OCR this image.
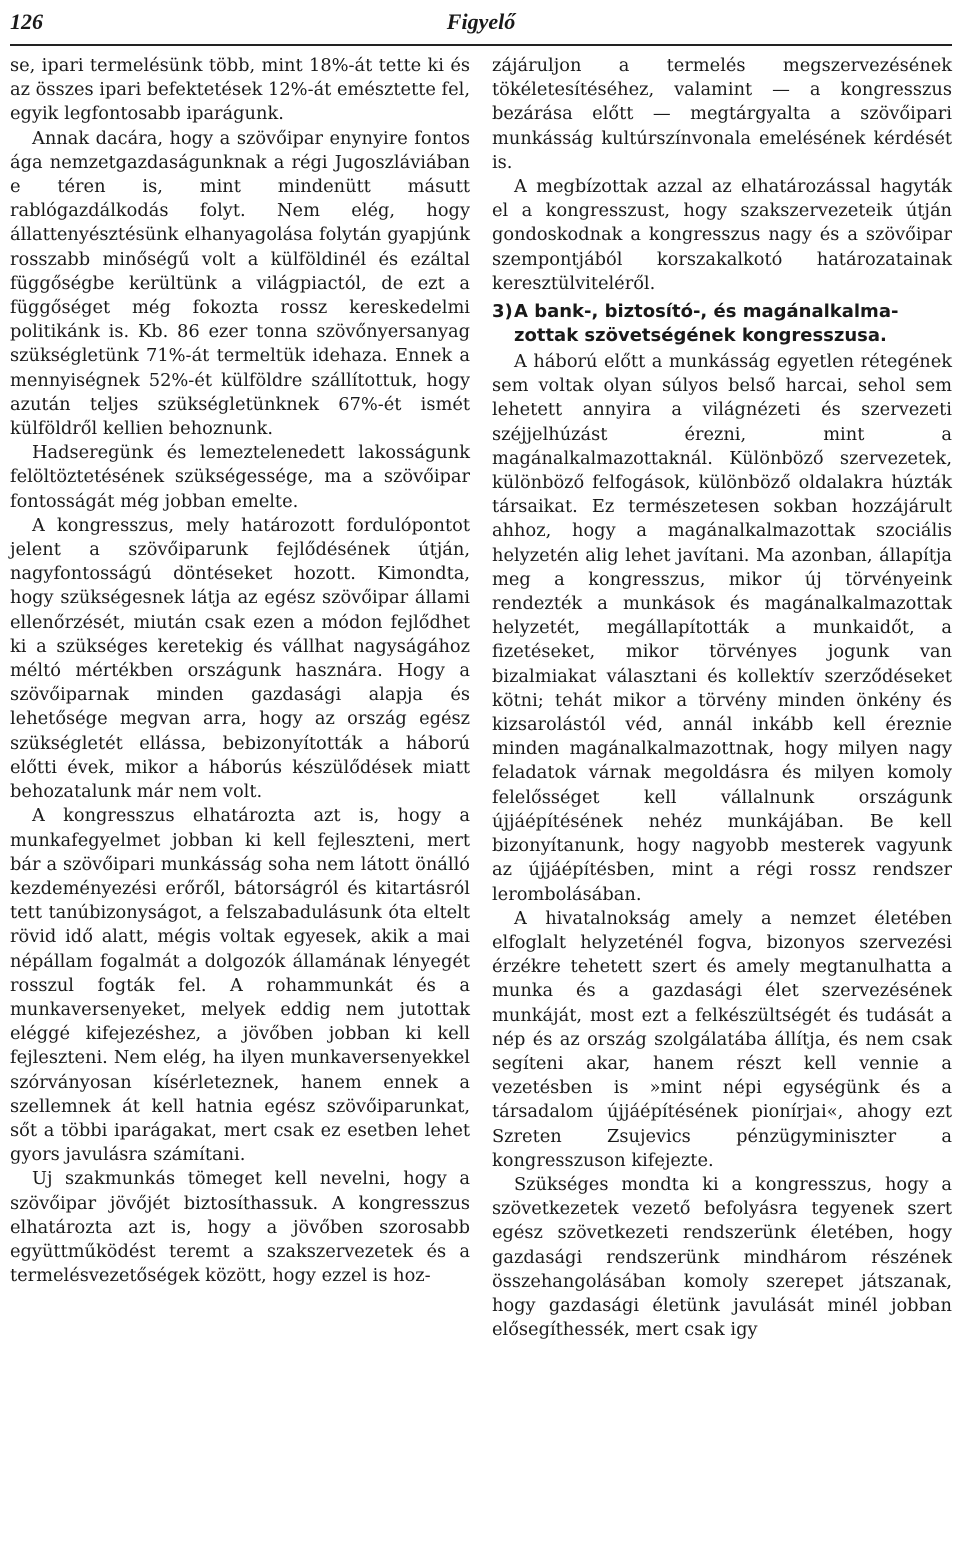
126	Figyelő

se, ipari termelésünk több, mint 18%-át tette ki és az összes ipari befektetések 12%-át emésztette fel, egyik legfontosabb iparágunk.

Annak dacára, hogy a szövőipar enynyire fontos ága nemzetgazdaságunknak a régi Jugoszláviában e téren is, mint mindenütt másutt rablógazdálkodás folyt. Nem elég, hogy állattenyésztésünk elhanyagolása folytán gyapjúnk rosszabb minőségű volt a külföldinél és ezáltal függőségbe kerültünk a világpiactól, de ezt a függőséget még fokozta rossz kereskedelmi politikánk is. Kb. 86 ezer tonna szövőnyersanyag szükségletünk 71%-át termeltük idehaza. Ennek a mennyiségnek 52%-ét külföldre szállítottuk, hogy azután teljes szükségletünknek 67%-ét ismét külföldről kellien behoznunk.

Hadseregünk és lemeztelenedett lakosságunk felöltöztetésének szükségessége, ma a szövőipar fontosságát még jobban emelte.

A kongresszus, mely határozott fordulópontot jelent a szövőiparunk fejlődésének útján, nagyfontosságú döntéseket hozott. Kimondta, hogy szükségesnek látja az egész szövőipar állami ellenőrzését, miután csak ezen a módon fejlődhet ki a szükséges keretekig és vállhat nagyságához méltó mértékben országunk hasznára. Hogy a szövőiparnak minden gazdasági alapja és lehetősége megvan arra, hogy az ország egész szükségletét ellássa, bebizonyították a háború előtti évek, mikor a háborús készülődések miatt behozatalunk már nem volt.

A kongresszus elhatározta azt is, hogy a munkafegyelmet jobban ki kell fejleszteni, mert bár a szövőipari munkásság soha nem látott önálló kezdeményezési erőről, bátorságról és kitartásról tett tanúbizonyságot, a felszabadulásunk óta eltelt rövid idő alatt, mégis voltak egyesek, akik a mai népállam fogalmát a dolgozók államának lényegét rosszul fogták fel. A rohammunkát és a munkaversenyeket, melyek eddig nem jutottak eléggé kifejezéshez, a jövőben jobban ki kell fejleszteni. Nem elég, ha ilyen munkaversenyekkel szórványosan kísérleteznek, hanem ennek a szellemnek át kell hatnia egész szövőiparunkat, sőt a többi iparágakat, mert csak ez esetben lehet gyors javulásra számítani.

Uj szakmunkás tömeget kell nevelni, hogy a szövőipar jövőjét biztosíthassuk. A kongresszus elhatározta azt is, hogy a jövőben szorosabb együttműködést teremt a szakszervezetek és a termelésvezetőségek között, hogy ezzel is hoz-

zájáruljon a termelés megszervezésének tökéletesítéséhez, valamint — a kongresszus bezárása előtt — megtárgyalta a szövőipari munkásság kultúrszínvonala emelésének kérdését is.

A megbízottak azzal az elhatározással hagyták el a kongresszust, hogy szakszervezeteik útján gondoskodnak a kongresszus nagy és a szövőipar szempontjából korszakalkotó határozatainak keresztülviteléről.

3)A bank-, biztosító-, és magánalkalma-
zottak szövetségének kongresszusa.

A háború előtt a munkásság egyetlen rétegének sem voltak olyan súlyos belső harcai, sehol sem lehetett annyira a világnézeti és szervezeti széjjelhúzást érezni, mint a magánalkalmazottaknál. Különböző szervezetek, különböző felfogások, különböző oldalakra húzták társaikat. Ez természetesen sokban hozzájárult ahhoz, hogy a magánalkalmazottak szociális helyzetén alig lehet javítani. Ma azonban, állapítja meg a kongresszus, mikor új törvényeink rendezték a munkások és magánalkalmazottak helyzetét, megállapították a munkaidőt, a fizetéseket, mikor törvényes jogunk van bizalmiakat választani és kollektív szerződéseket kötni; tehát mikor a törvény minden önkény és kizsarolástól véd, annál inkább kell éreznie minden magánalkalmazottnak, hogy milyen nagy feladatok várnak megoldásra és milyen komoly felelősséget kell vállalnunk országunk újjáépítésének nehéz munkájában. Be kell bizonyítanunk, hogy nagyobb mesterek vagyunk az újjáépítésben, mint a régi rossz rendszer lerombolásában.

A hivatalnokság amely a nemzet életében elfoglalt helyzeténél fogva, bizonyos szervezési érzékre tehetett szert és amely megtanulhatta a munka és a gazdasági élet szervezésének munkáját, most ezt a felkészültségét és tudását a nép és az ország szolgálatába állítja, és nem csak segíteni akar, hanem részt kell vennie a vezetésben is »mint népi egységünk és a társadalom újjáépítésének pionírjai«, ahogy ezt Szreten Zsujevics pénzügyminiszter a kongresszuson kifejezte.

Szükséges mondta ki a kongresszus, hogy a szövetkezetek vezető befolyásra tegyenek szert egész szövetkezeti rendszerünk életében, hogy gazdasági rendszerünk mindhárom részének összehangolásában komoly szerepet játszanak, hogy gazdasági életünk javulását minél jobban elősegíthessék, mert csak igy
